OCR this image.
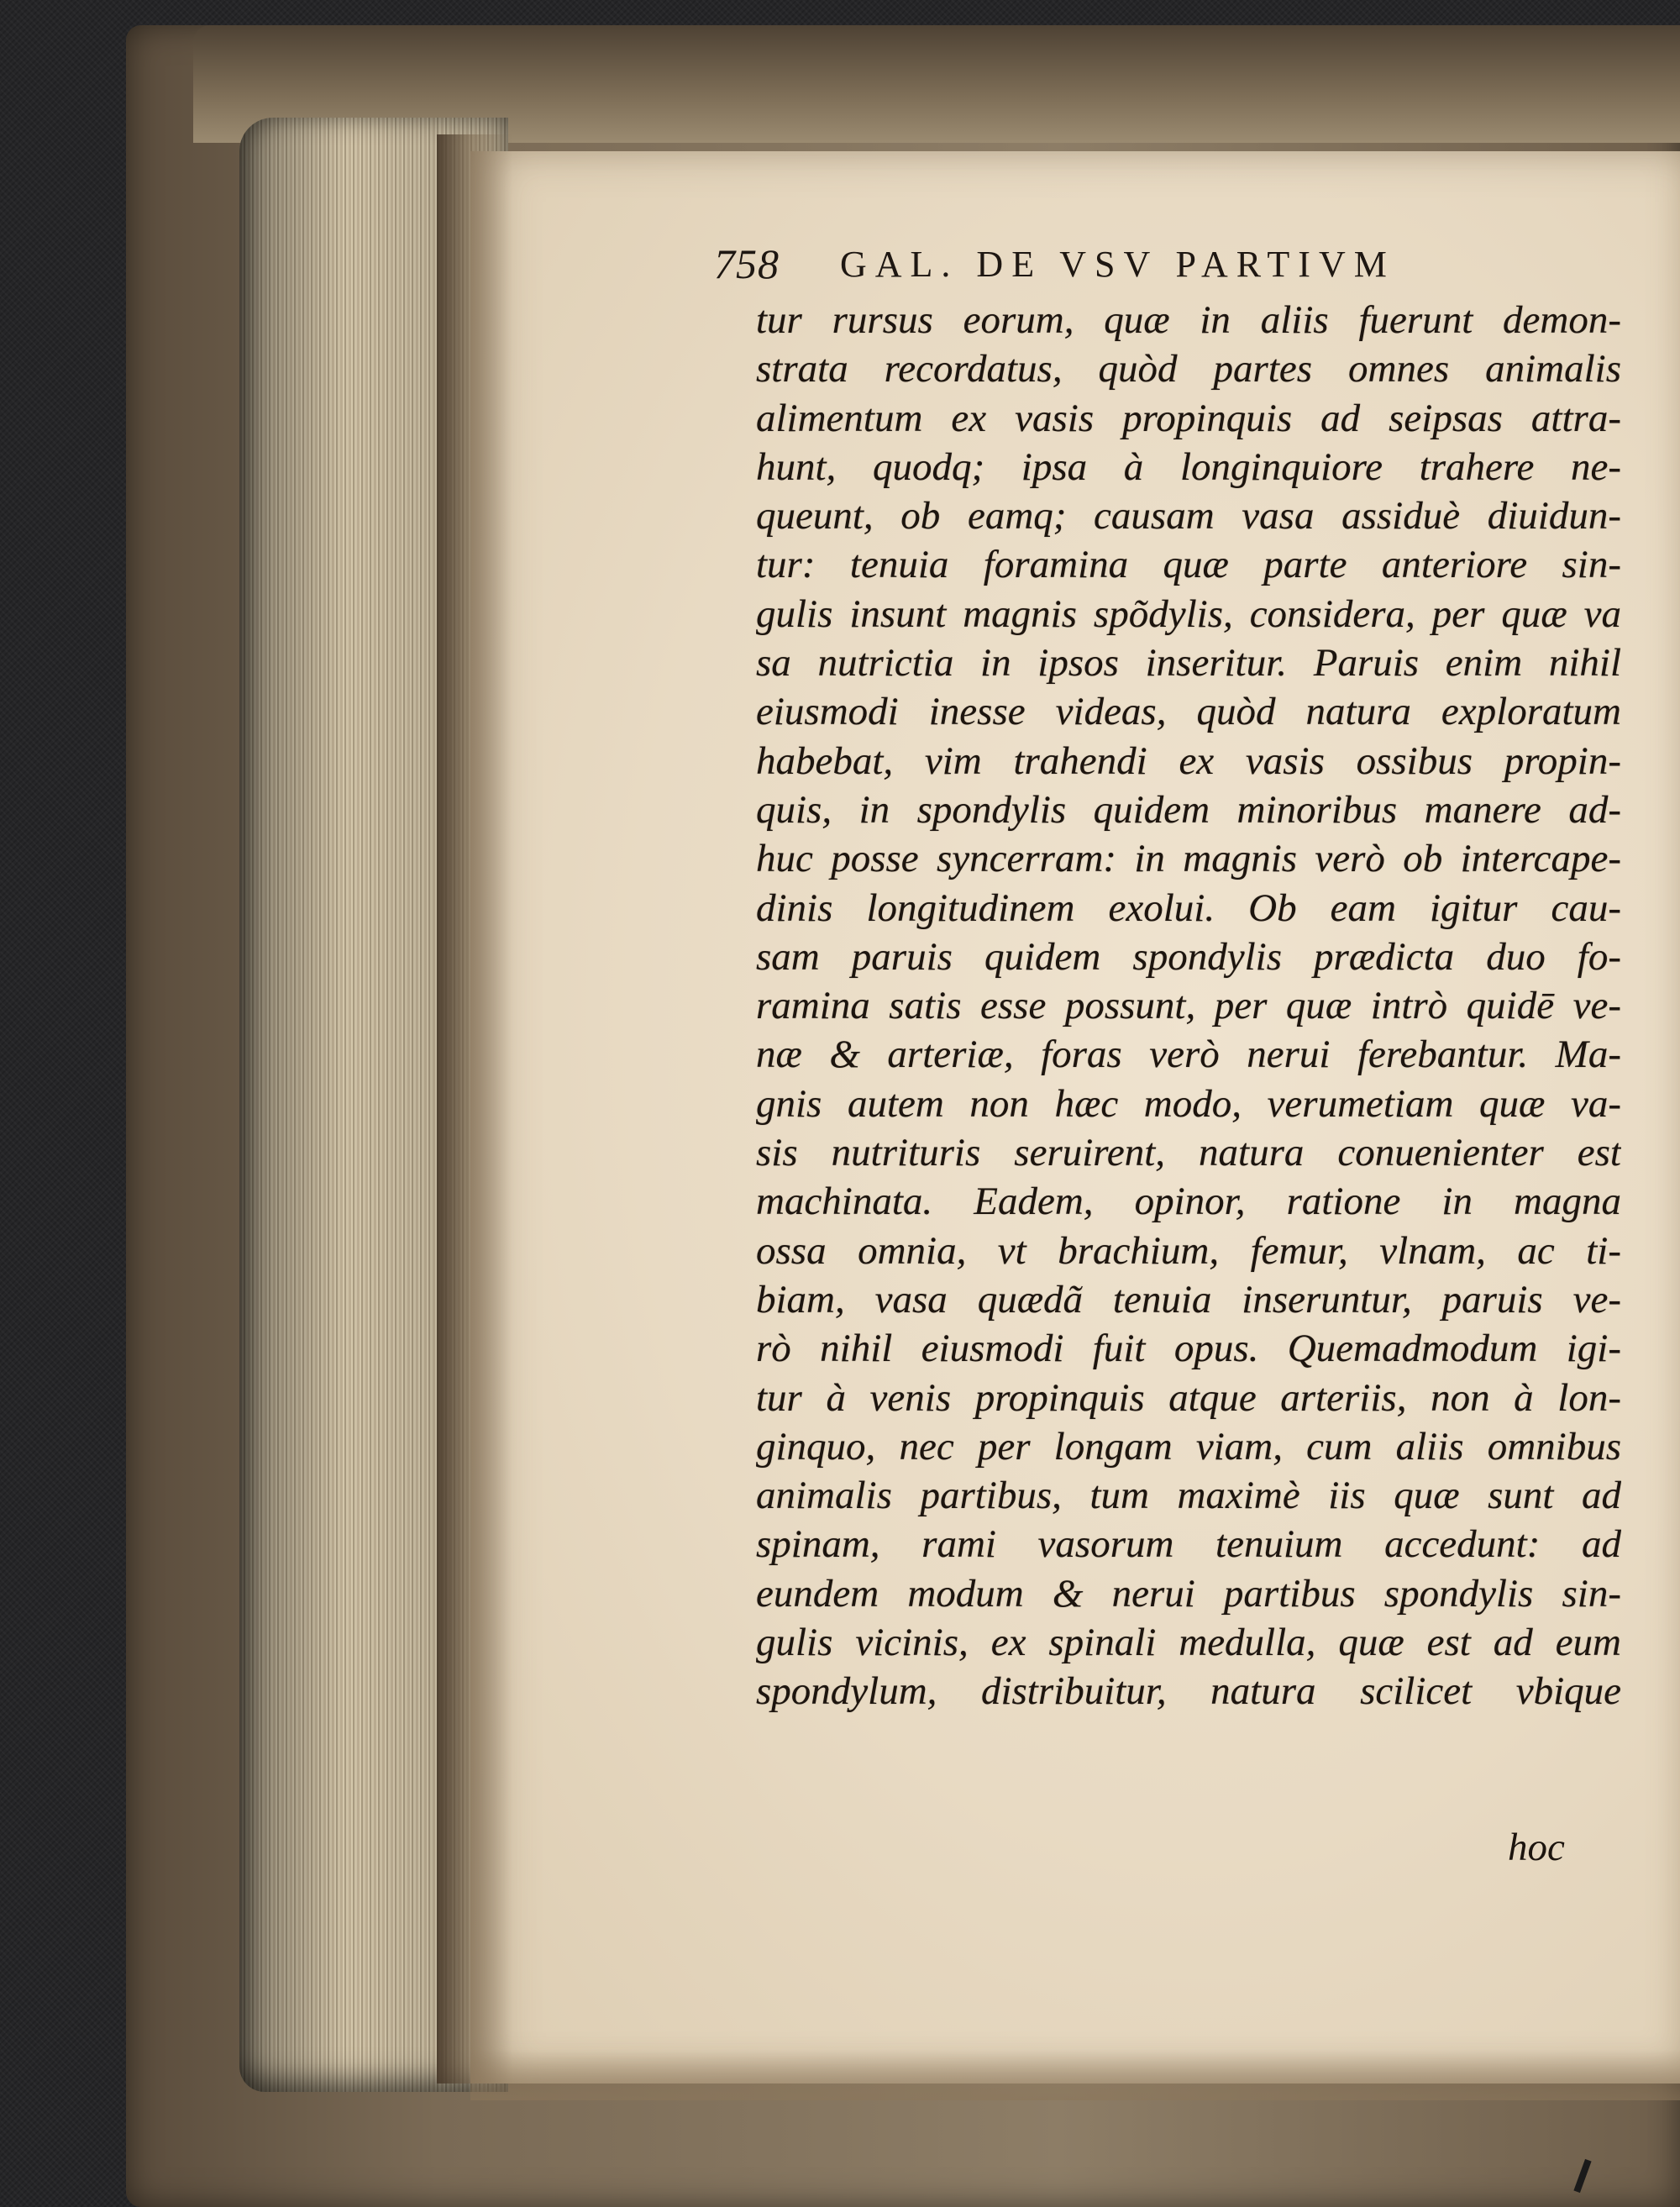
758 GAL. DE VSV PARTIVM
tur rursus eorum, quæ in aliis fuerunt demon-
strata recordatus, quòd partes omnes animalis
alimentum ex vasis propinquis ad seipsas attra-
hunt, quodq; ipsa à longinquiore trahere ne-
queunt, ob eamq; causam vasa assiduè diuidun-
tur: tenuia foramina quæ parte anteriore sin-
gulis insunt magnis spõdylis, considera, per quæ va
sa nutrictia in ipsos inseritur. Paruis enim nihil
eiusmodi inesse videas, quòd natura exploratum
habebat, vim trahendi ex vasis ossibus propin-
quis, in spondylis quidem minoribus manere ad-
huc posse syncerram: in magnis verò ob intercape-
dinis longitudinem exolui. Ob eam igitur cau-
sam paruis quidem spondylis prædicta duo fo-
ramina satis esse possunt, per quæ intrò quidē ve-
næ & arteriæ, foras verò nerui ferebantur. Ma-
gnis autem non hæc modo, verumetiam quæ va-
sis nutrituris seruirent, natura conuenienter est
machinata. Eadem, opinor, ratione in magna
ossa omnia, vt brachium, femur, vlnam, ac ti-
biam, vasa quædã tenuia inseruntur, paruis ve-
rò nihil eiusmodi fuit opus. Quemadmodum igi-
tur à venis propinquis atque arteriis, non à lon-
ginquo, nec per longam viam, cum aliis omnibus
animalis partibus, tum maximè iis quæ sunt ad
spinam, rami vasorum tenuium accedunt: ad
eundem modum & nerui partibus spondylis sin-
gulis vicinis, ex spinali medulla, quæ est ad eum
spondylum, distribuitur, natura scilicet vbique
hoc
